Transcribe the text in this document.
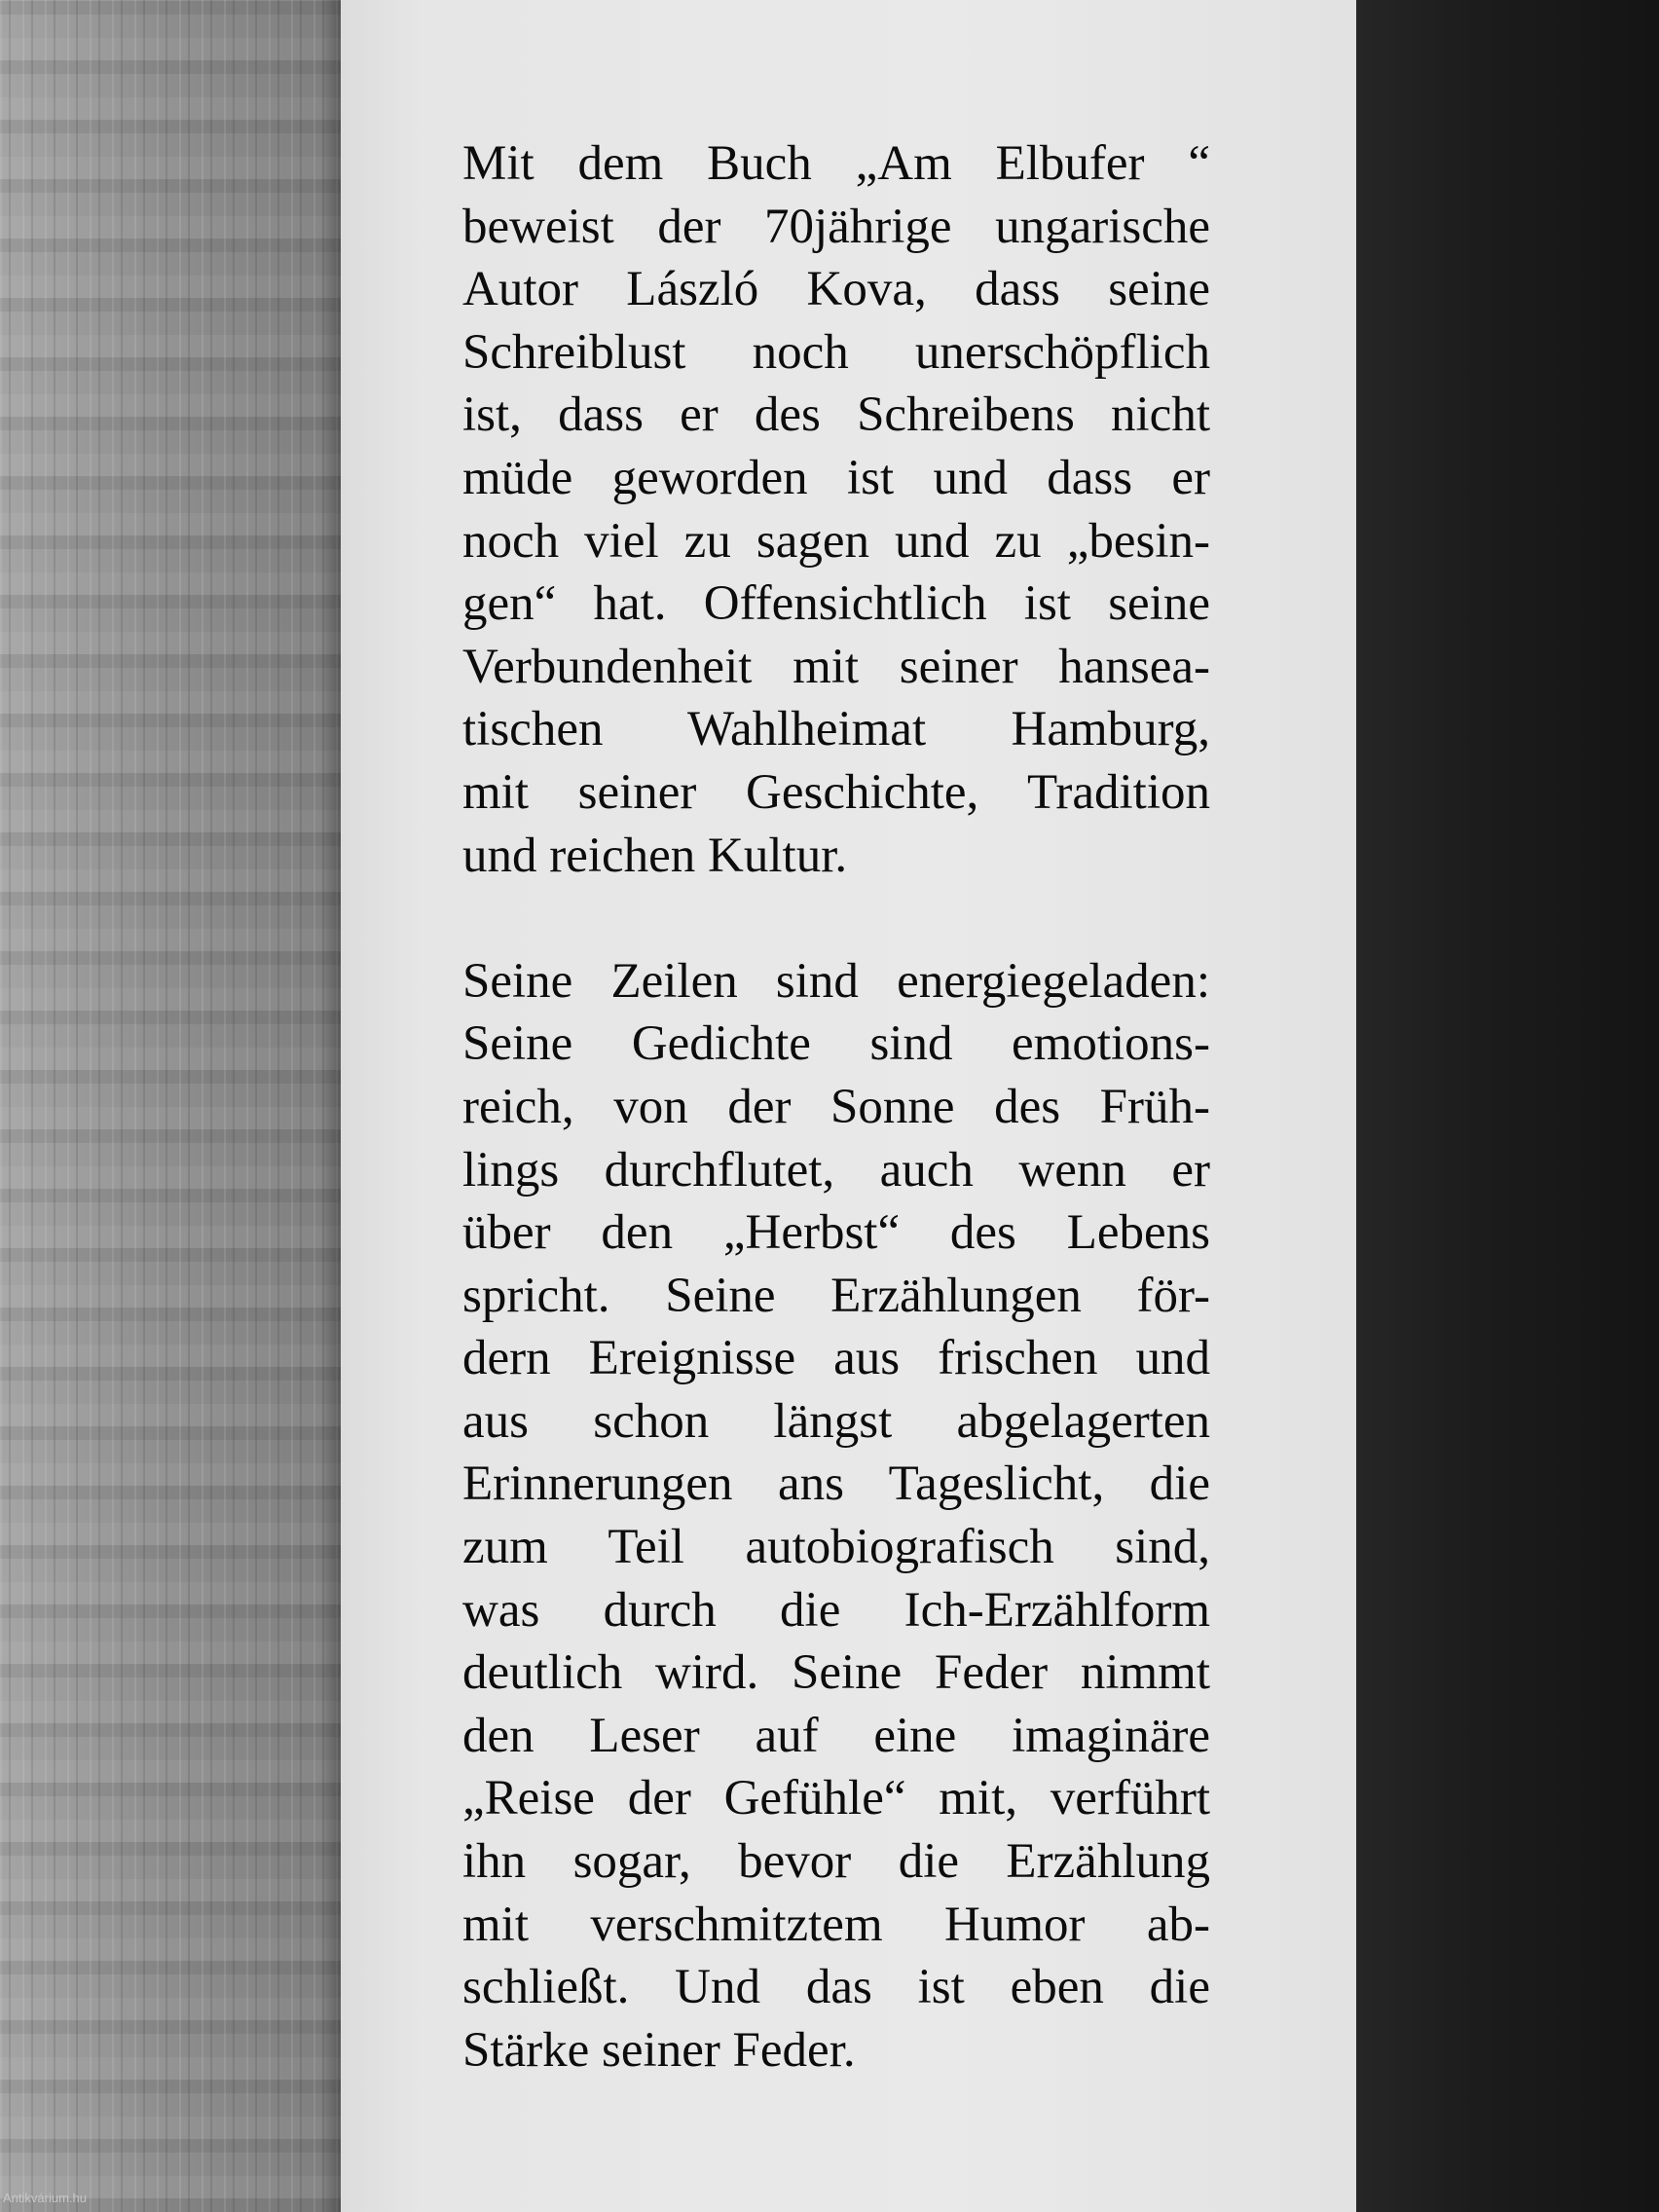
Mit dem Buch „Am Elbufer “
beweist der 70jährige ungarische
Autor László Kova, dass seine
Schreiblust noch unerschöpflich
ist, dass er des Schreibens nicht
müde geworden ist und dass er
noch viel zu sagen und zu „besin-
gen“ hat. Offensichtlich ist seine
Verbundenheit mit seiner hansea-
tischen Wahlheimat Hamburg,
mit seiner Geschichte, Tradition
und reichen Kultur.
Seine Zeilen sind energiegeladen:
Seine Gedichte sind emotions-
reich, von der Sonne des Früh-
lings durchflutet, auch wenn er
über den „Herbst“ des Lebens
spricht. Seine Erzählungen för-
dern Ereignisse aus frischen und
aus schon längst abgelagerten
Erinnerungen ans Tageslicht, die
zum Teil autobiografisch sind,
was durch die Ich-Erzählform
deutlich wird. Seine Feder nimmt
den Leser auf eine imaginäre
„Reise der Gefühle“ mit, verführt
ihn sogar, bevor die Erzählung
mit verschmitztem Humor ab-
schließt. Und das ist eben die
Stärke seiner Feder.
Antikvárium.hu
